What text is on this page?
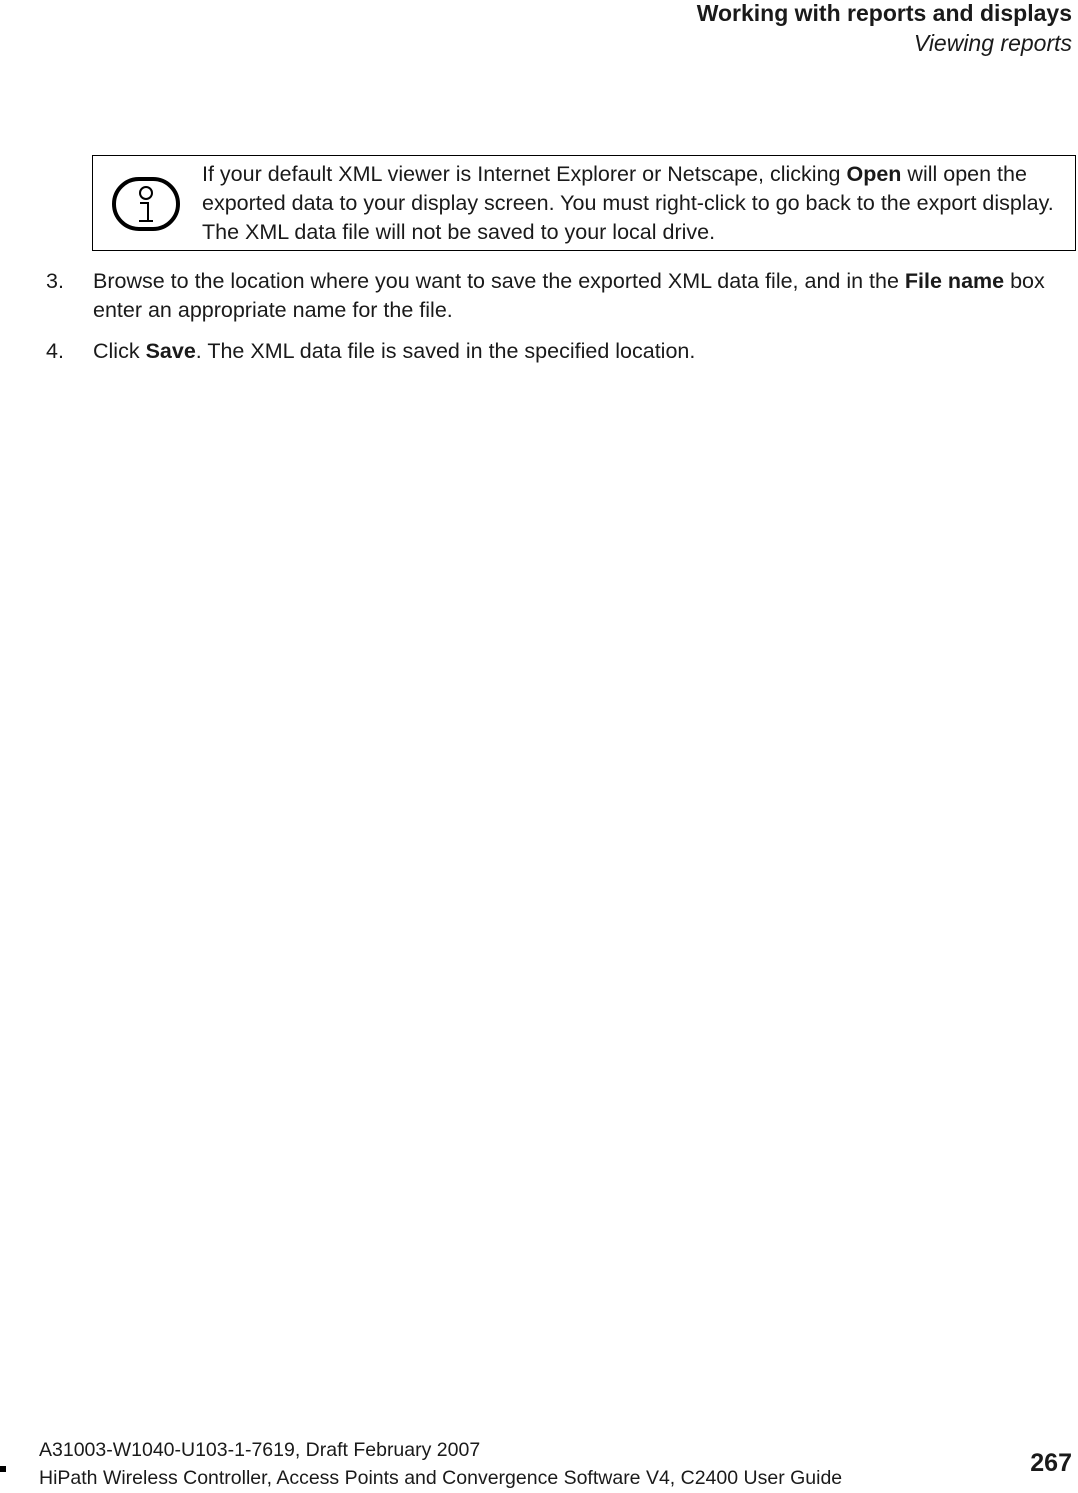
Working with reports and displays

Viewing reports

If your default XML viewer is Internet Explorer or Netscape, clicking Open will open the exported data to your display screen. You must right-click to go back to the export display. The XML data file will not be saved to your local drive.

3. Browse to the location where you want to save the exported XML data file, and in the File name box enter an appropriate name for the file.
4. Click Save. The XML data file is saved in the specified location.
A31003-W1040-U103-1-7619, Draft February 2007
HiPath Wireless Controller, Access Points and Convergence Software V4, C2400 User Guide

267
